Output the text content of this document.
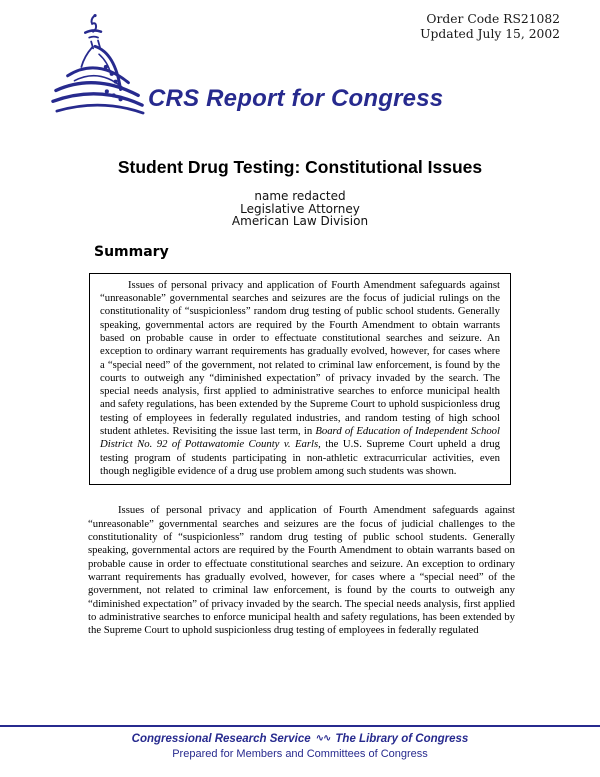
CRS Report for Congress
Order Code RS21082
Updated July 15, 2002
Student Drug Testing: Constitutional Issues
name redacted
Legislative Attorney
American Law Division
Summary

Issues of personal privacy and application of Fourth Amendment safeguards against “unreasonable” governmental searches and seizures are the focus of judicial rulings on the constitutionality of “suspicionless” random drug testing of public school students. Generally speaking, governmental actors are required by the Fourth Amendment to obtain warrants based on probable cause in order to effectuate constitutional searches and seizure. An exception to ordinary warrant requirements has gradually evolved, however, for cases where a “special need” of the government, not related to criminal law enforcement, is found by the courts to outweigh any “diminished expectation” of privacy invaded by the search. The special needs analysis, first applied to administrative searches to enforce municipal health and safety regulations, has been extended by the Supreme Court to uphold suspicionless drug testing of employees in federally regulated industries, and random testing of high school student athletes. Revisiting the issue last term, in Board of Education of Independent School District No. 92 of Pottawatomie County v. Earls, the U.S. Supreme Court upheld a drug testing program of students participating in non-athletic extracurricular activities, even though negligible evidence of a drug use problem among such students was shown.

Issues of personal privacy and application of Fourth Amendment safeguards against “unreasonable” governmental searches and seizures are the focus of judicial challenges to the constitutionality of “suspicionless” random drug testing of public school students. Generally speaking, governmental actors are required by the Fourth Amendment to obtain warrants based on probable cause in order to effectuate constitutional searches and seizure. An exception to ordinary warrant requirements has gradually evolved, however, for cases where a “special need” of the government, not related to criminal law enforcement, is found by the courts to outweigh any “diminished expectation” of privacy invaded by the search. The special needs analysis, first applied to administrative searches to enforce municipal health and safety regulations, has been extended by the Supreme Court to uphold suspicionless drug testing of employees in federally regulated

Congressional Research Service ∿∿ The Library of Congress
Prepared for Members and Committees of Congress
